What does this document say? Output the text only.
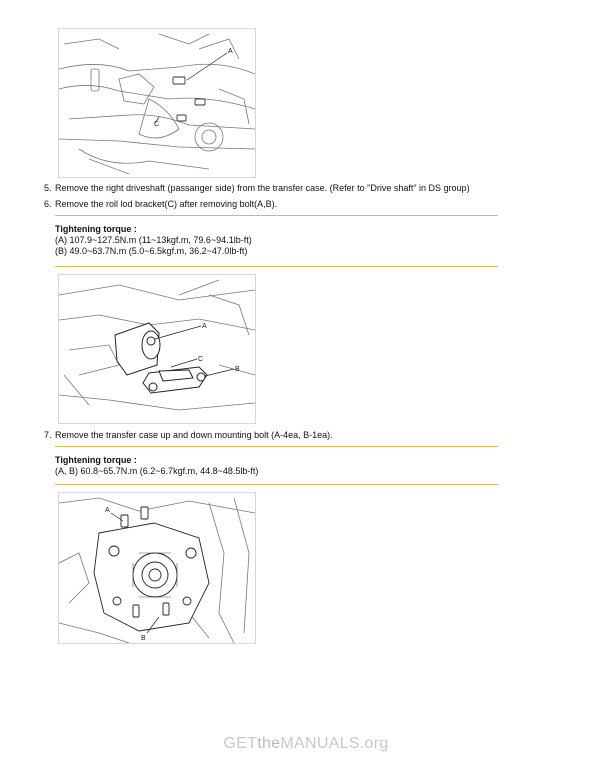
A
C
5. Remove the right driveshaft (passanger side) from the transfer case. (Refer to "Drive shaft" in DS group)
6. Remove the roll lod bracket(C) after removing bolt(A,B).
Tightening torque :
(A) 107.9~127.5N.m (11~13kgf.m, 79.6~94.1lb-ft)
(B) 49.0~63.7N.m (5.0~6.5kgf.m, 36.2~47.0lb-ft)
A
C
B
7. Remove the transfer case up and down mounting bolt (A-4ea, B-1ea).
Tightening torque :
(A, B) 60.8~65.7N.m (6.2~6.7kgf.m, 44.8~48.5lb-ft)
A
B
GETtheMANUALS.org
